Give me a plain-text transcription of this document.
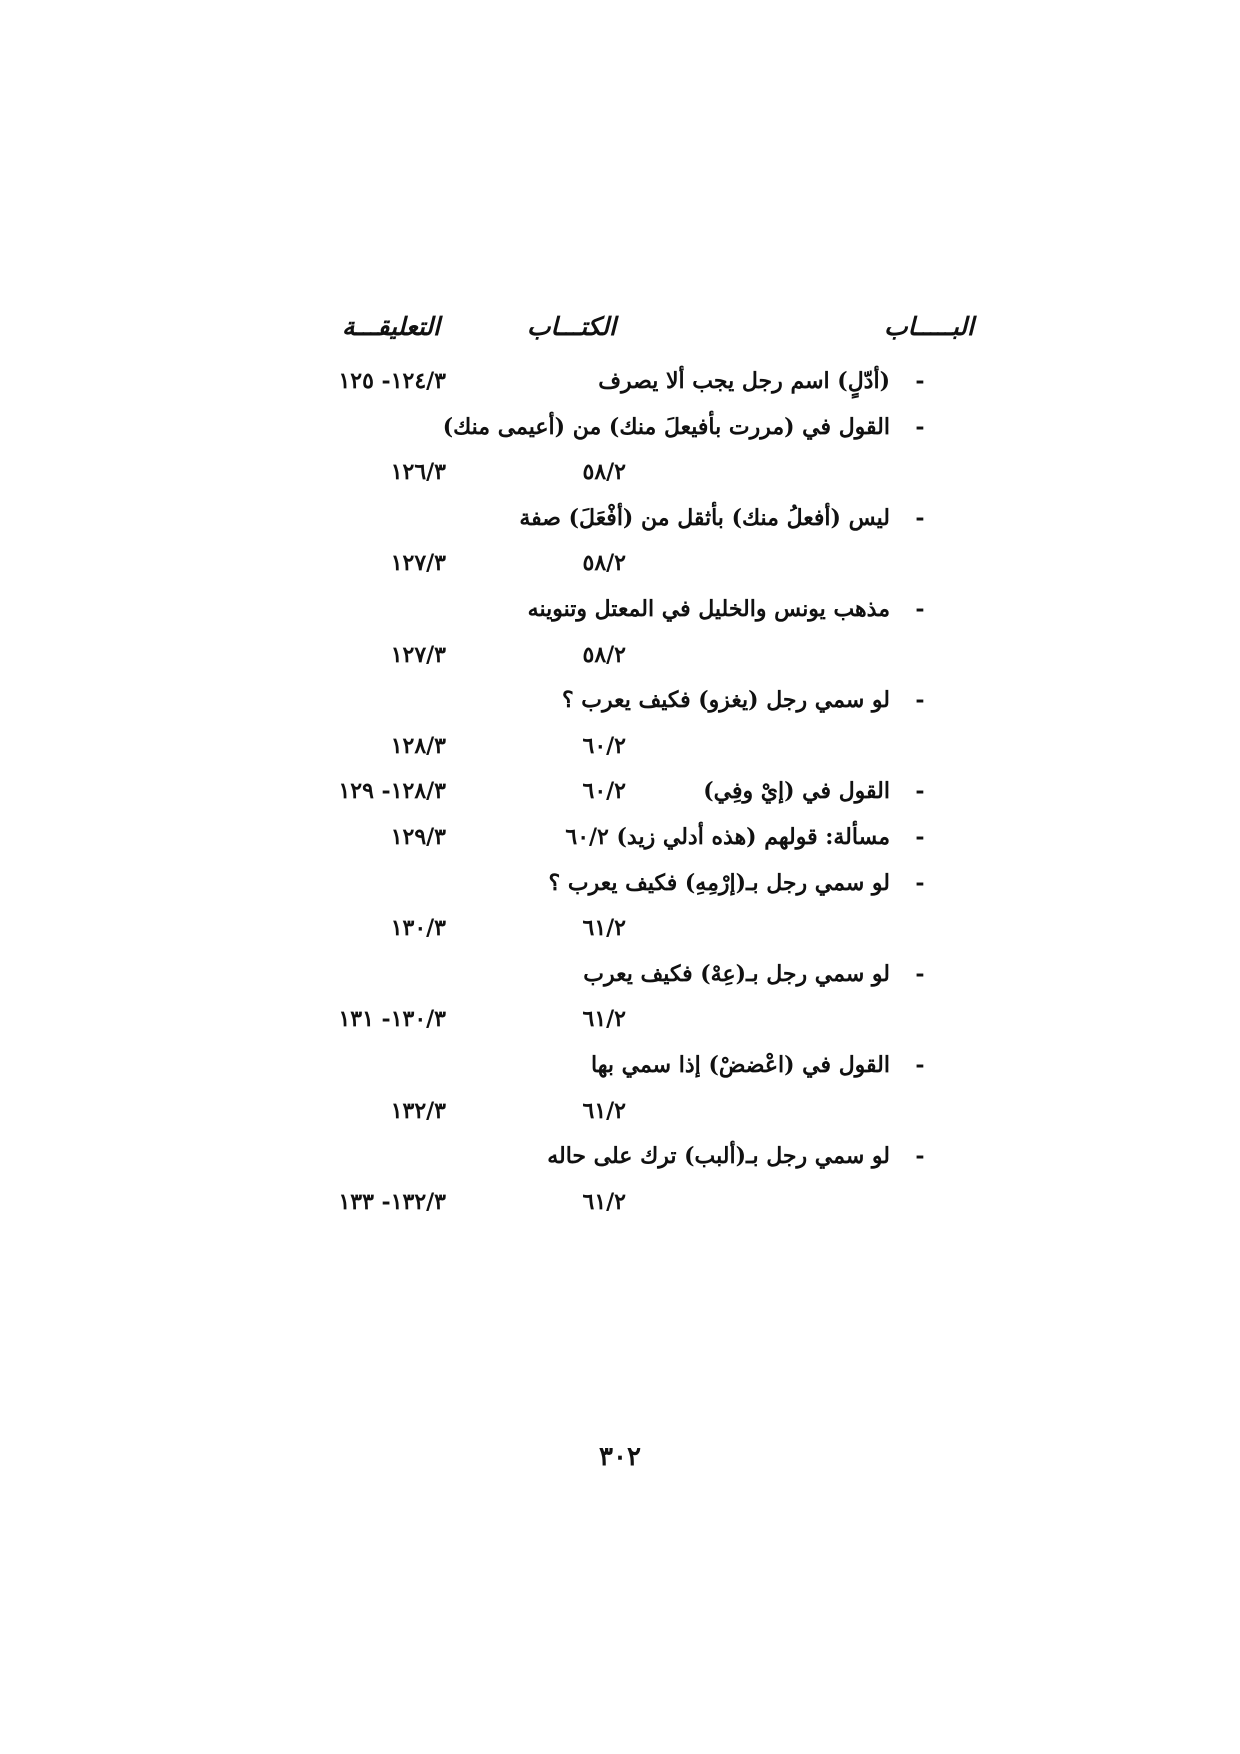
البـــــاب
الكتـــاب
التعليقـــة
-
(أدّلٍ) اسم رجل يجب ألا يصرف
١٢٤/٣- ١٢٥
-
القول في (مررت بأفيعلَ منك) من (أعيمى منك)
٥٨/٢
١٢٦/٣
-
ليس (أفعلُ منك) بأثقل من (أفْعَلَ) صفة
٥٨/٢
١٢٧/٣
-
مذهب يونس والخليل في المعتل وتنوينه
٥٨/٢
١٢٧/٣
-
لو سمي رجل (يغزو) فكيف يعرب ؟
٦٠/٢
١٢٨/٣
-
القول في (إيْ وفِي)
٦٠/٢
١٢٨/٣- ١٢٩
-
مسألة: قولهم (هذه أدلي زيد) ٦٠/٢
١٢٩/٣
-
لو سمي رجل بـ(إرْمِهِ) فكيف يعرب ؟
٦١/٢
١٣٠/٣
-
لو سمي رجل بـ(عِهْ) فكيف يعرب
٦١/٢
١٣٠/٣- ١٣١
-
القول في (اعْضضْ) إذا سمي بها
٦١/٢
١٣٢/٣
-
لو سمي رجل بـ(ألبب) ترك على حاله
٦١/٢
١٣٢/٣- ١٣٣
٣٠٢
